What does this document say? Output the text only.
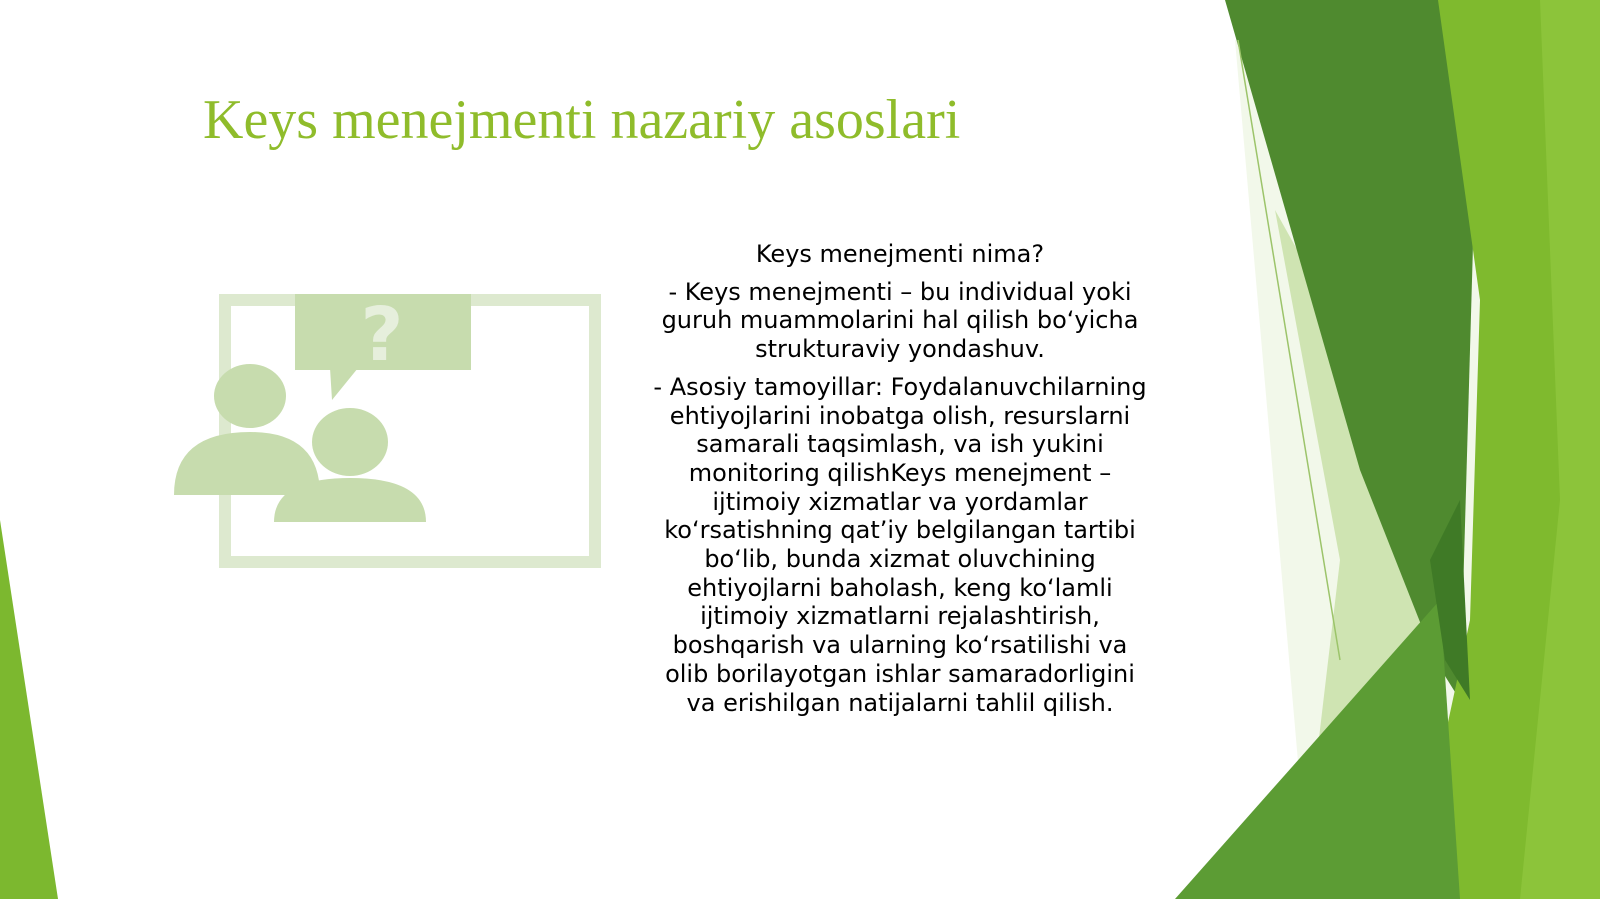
Keys menejmenti nazariy asoslari
?

Keys menejmenti nima?

- Keys menejmenti – bu individual yoki guruh muammolarini hal qilish bo‘yicha strukturaviy yondashuv.

- Asosiy tamoyillar: Foydalanuvchilarning ehtiyojlarini inobatga olish, resurslarni samarali taqsimlash, va ish yukini monitoring qilishKeys menejment – ijtimoiy xizmatlar va yordamlar ko‘rsatishning qat’iy belgilangan tartibi bo‘lib, bunda xizmat oluvchining ehtiyojlarni baholash, keng ko‘lamli ijtimoiy xizmatlarni rejalashtirish, boshqarish va ularning ko‘rsatilishi va olib borilayotgan ishlar samaradorligini va erishilgan natijalarni tahlil qilish.
